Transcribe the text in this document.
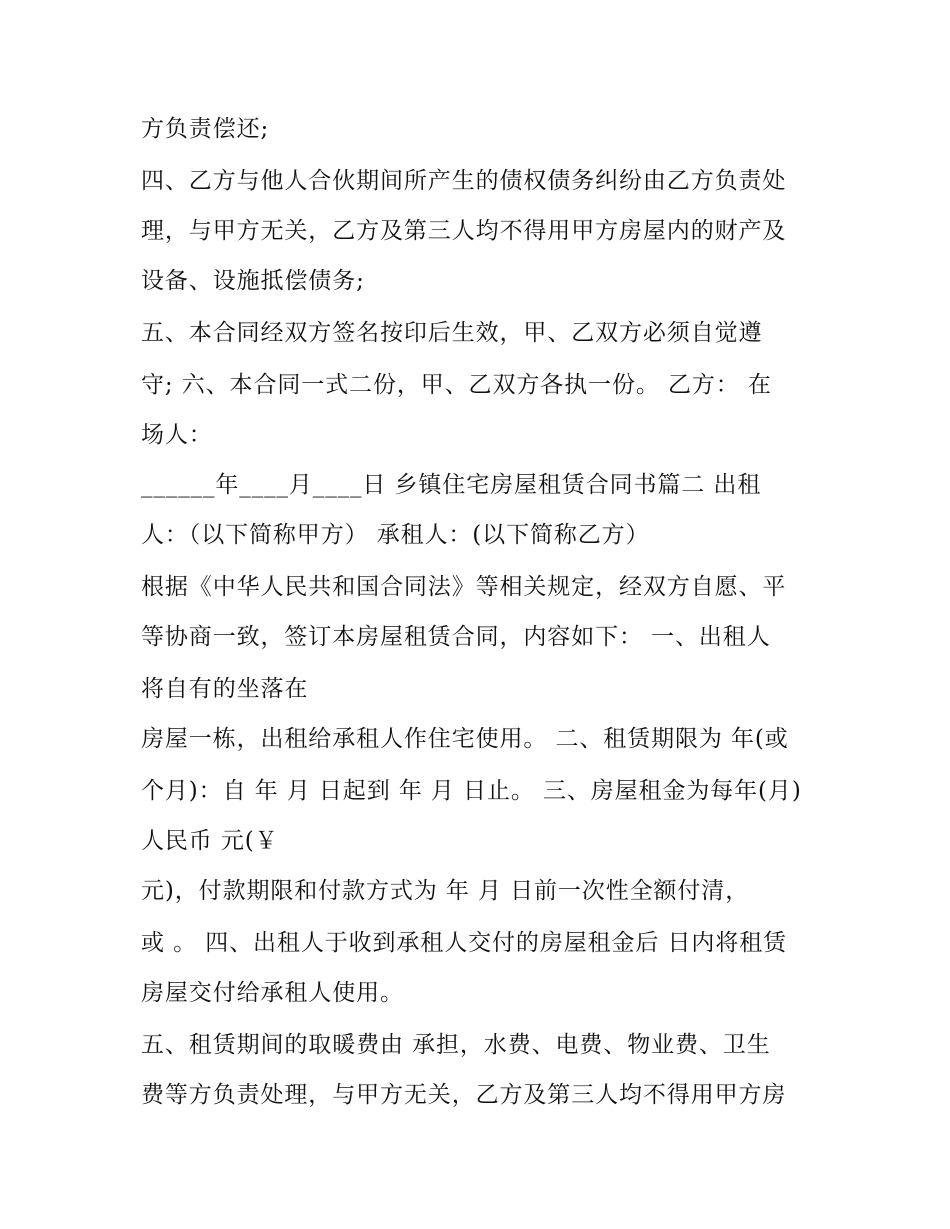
方负责偿还;
四、乙方与他人合伙期间所产生的债权债务纠纷由乙方负责处
理，与甲方无关，乙方及第三人均不得用甲方房屋内的财产及
设备、设施抵偿债务;
五、本合同经双方签名按印后生效，甲、乙双方必须自觉遵
守; 六、本合同一式二份，甲、乙双方各执一份。 乙方： 在
场人：
______年____月____日 乡镇住宅房屋租赁合同书篇二 出租
人：（以下简称甲方） 承租人：(以下简称乙方）
根据《中华人民共和国合同法》等相关规定，经双方自愿、平
等协商一致，签订本房屋租赁合同，内容如下： 一、出租人
将自有的坐落在
房屋一栋，出租给承租人作住宅使用。 二、租赁期限为 年(或
个月)：自 年 月 日起到 年 月 日止。 三、房屋租金为每年(月)
人民币 元(￥
元)，付款期限和付款方式为 年 月 日前一次性全额付清，
或 。 四、出租人于收到承租人交付的房屋租金后 日内将租赁
房屋交付给承租人使用。
五、租赁期间的取暖费由 承担，水费、电费、物业费、卫生
费等方负责处理，与甲方无关，乙方及第三人均不得用甲方房
